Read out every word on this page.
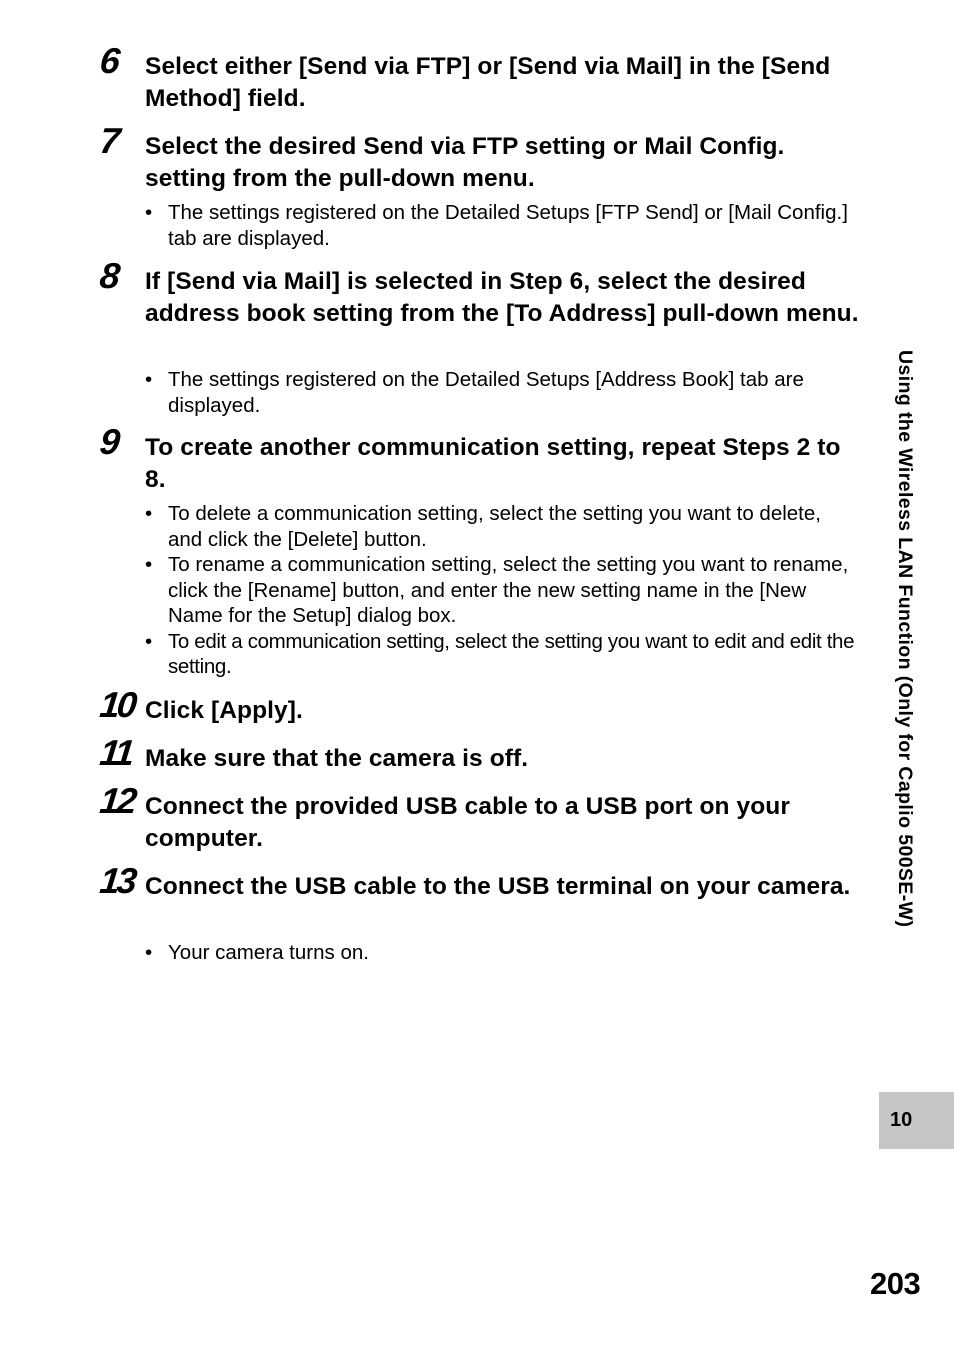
6 Select either [Send via FTP] or [Send via Mail] in the [Send Method] field.
7 Select the desired Send via FTP setting or Mail Config. setting from the pull-down menu.
• The settings registered on the Detailed Setups [FTP Send] or [Mail Config.] tab are displayed.
8 If [Send via Mail] is selected in Step 6, select the desired address book setting from the [To Address] pull-down menu.
• The settings registered on the Detailed Setups [Address Book] tab are displayed.
9 To create another communication setting, repeat Steps 2 to 8.
• To delete a communication setting, select the setting you want to delete, and click the [Delete] button.
• To rename a communication setting, select the setting you want to rename, click the [Rename] button, and enter the new setting name in the [New Name for the Setup] dialog box.
• To edit a communication setting, select the setting you want to edit and edit the setting.
10 Click [Apply].
11 Make sure that the camera is off.
12 Connect the provided USB cable to a USB port on your computer.
13 Connect the USB cable to the USB terminal on your camera.
• Your camera turns on.
Using the Wireless LAN Function (Only for Caplio 500SE-W)
10
203
